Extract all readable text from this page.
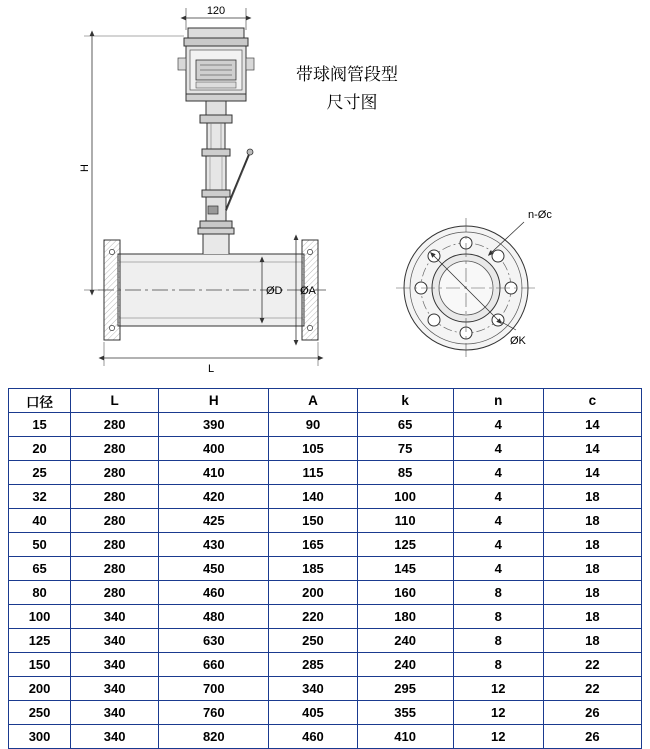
120
H
L
ØD ØA
n-Øc
ØK
带球阀管段型
尺寸图
口径	L	H	A	k	n	c
15	280	390	90	65	4	14
20	280	400	105	75	4	14
25	280	410	115	85	4	14
32	280	420	140	100	4	18
40	280	425	150	110	4	18
50	280	430	165	125	4	18
65	280	450	185	145	4	18
80	280	460	200	160	8	18
100	340	480	220	180	8	18
125	340	630	250	240	8	18
150	340	660	285	240	8	22
200	340	700	340	295	12	22
250	340	760	405	355	12	26
300	340	820	460	410	12	26
